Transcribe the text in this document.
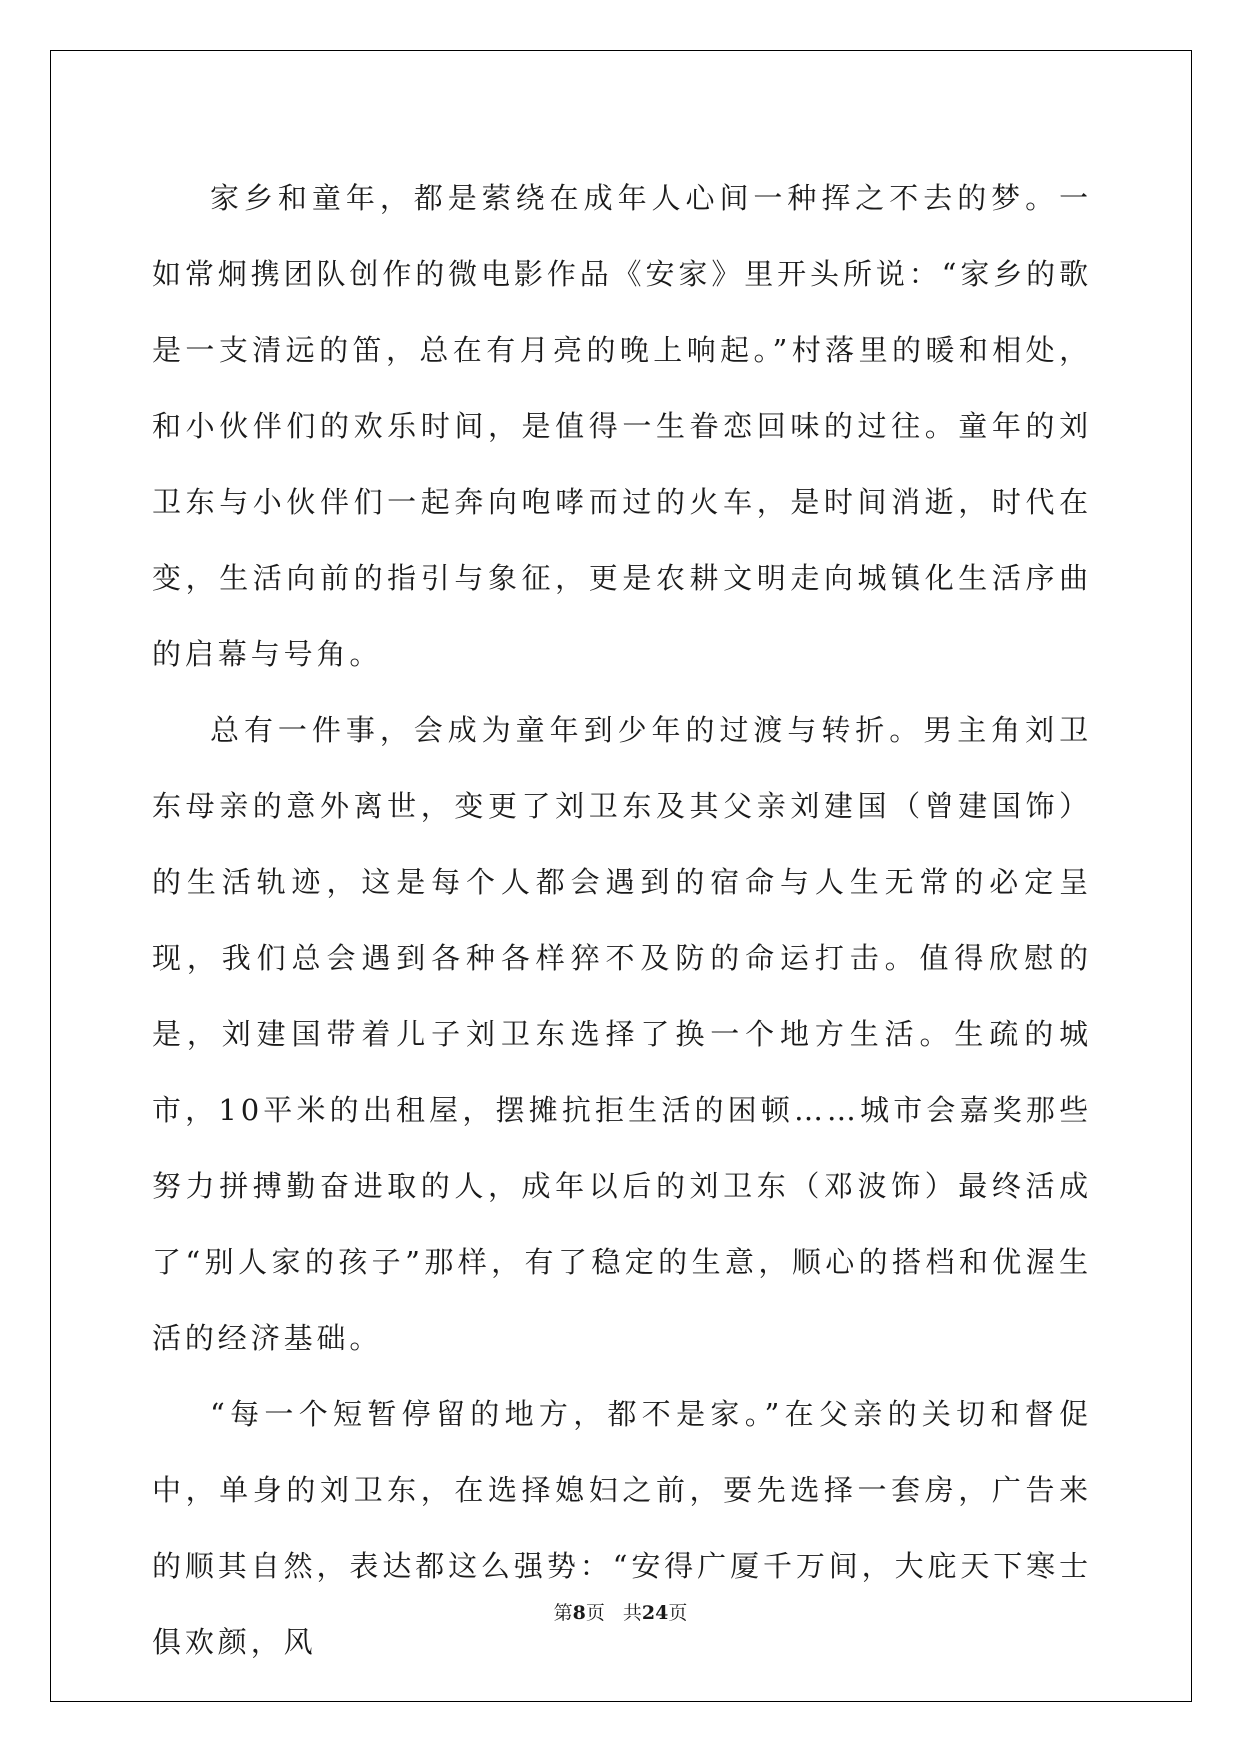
家乡和童年，都是萦绕在成年人心间一种挥之不去的梦。一如常炯携团队创作的微电影作品《安家》里开头所说：“家乡的歌是一支清远的笛，总在有月亮的晚上响起。”村落里的暖和相处，和小伙伴们的欢乐时间，是值得一生眷恋回味的过往。童年的刘卫东与小伙伴们一起奔向咆哮而过的火车，是时间消逝，时代在变，生活向前的指引与象征，更是农耕文明走向城镇化生活序曲的启幕与号角。

总有一件事，会成为童年到少年的过渡与转折。男主角刘卫东母亲的意外离世，变更了刘卫东及其父亲刘建国（曾建国饰）的生活轨迹，这是每个人都会遇到的宿命与人生无常的必定呈现，我们总会遇到各种各样猝不及防的命运打击。值得欣慰的是，刘建国带着儿子刘卫东选择了换一个地方生活。生疏的城市，10平米的出租屋，摆摊抗拒生活的困顿……城市会嘉奖那些努力拼搏勤奋进取的人，成年以后的刘卫东（邓波饰）最终活成了“别人家的孩子”那样，有了稳定的生意，顺心的搭档和优渥生活的经济基础。

“每一个短暂停留的地方，都不是家。”在父亲的关切和督促中，单身的刘卫东，在选择媳妇之前，要先选择一套房，广告来的顺其自然，表达都这么强势：“安得广厦千万间，大庇天下寒士俱欢颜，风

第8页 共24页
